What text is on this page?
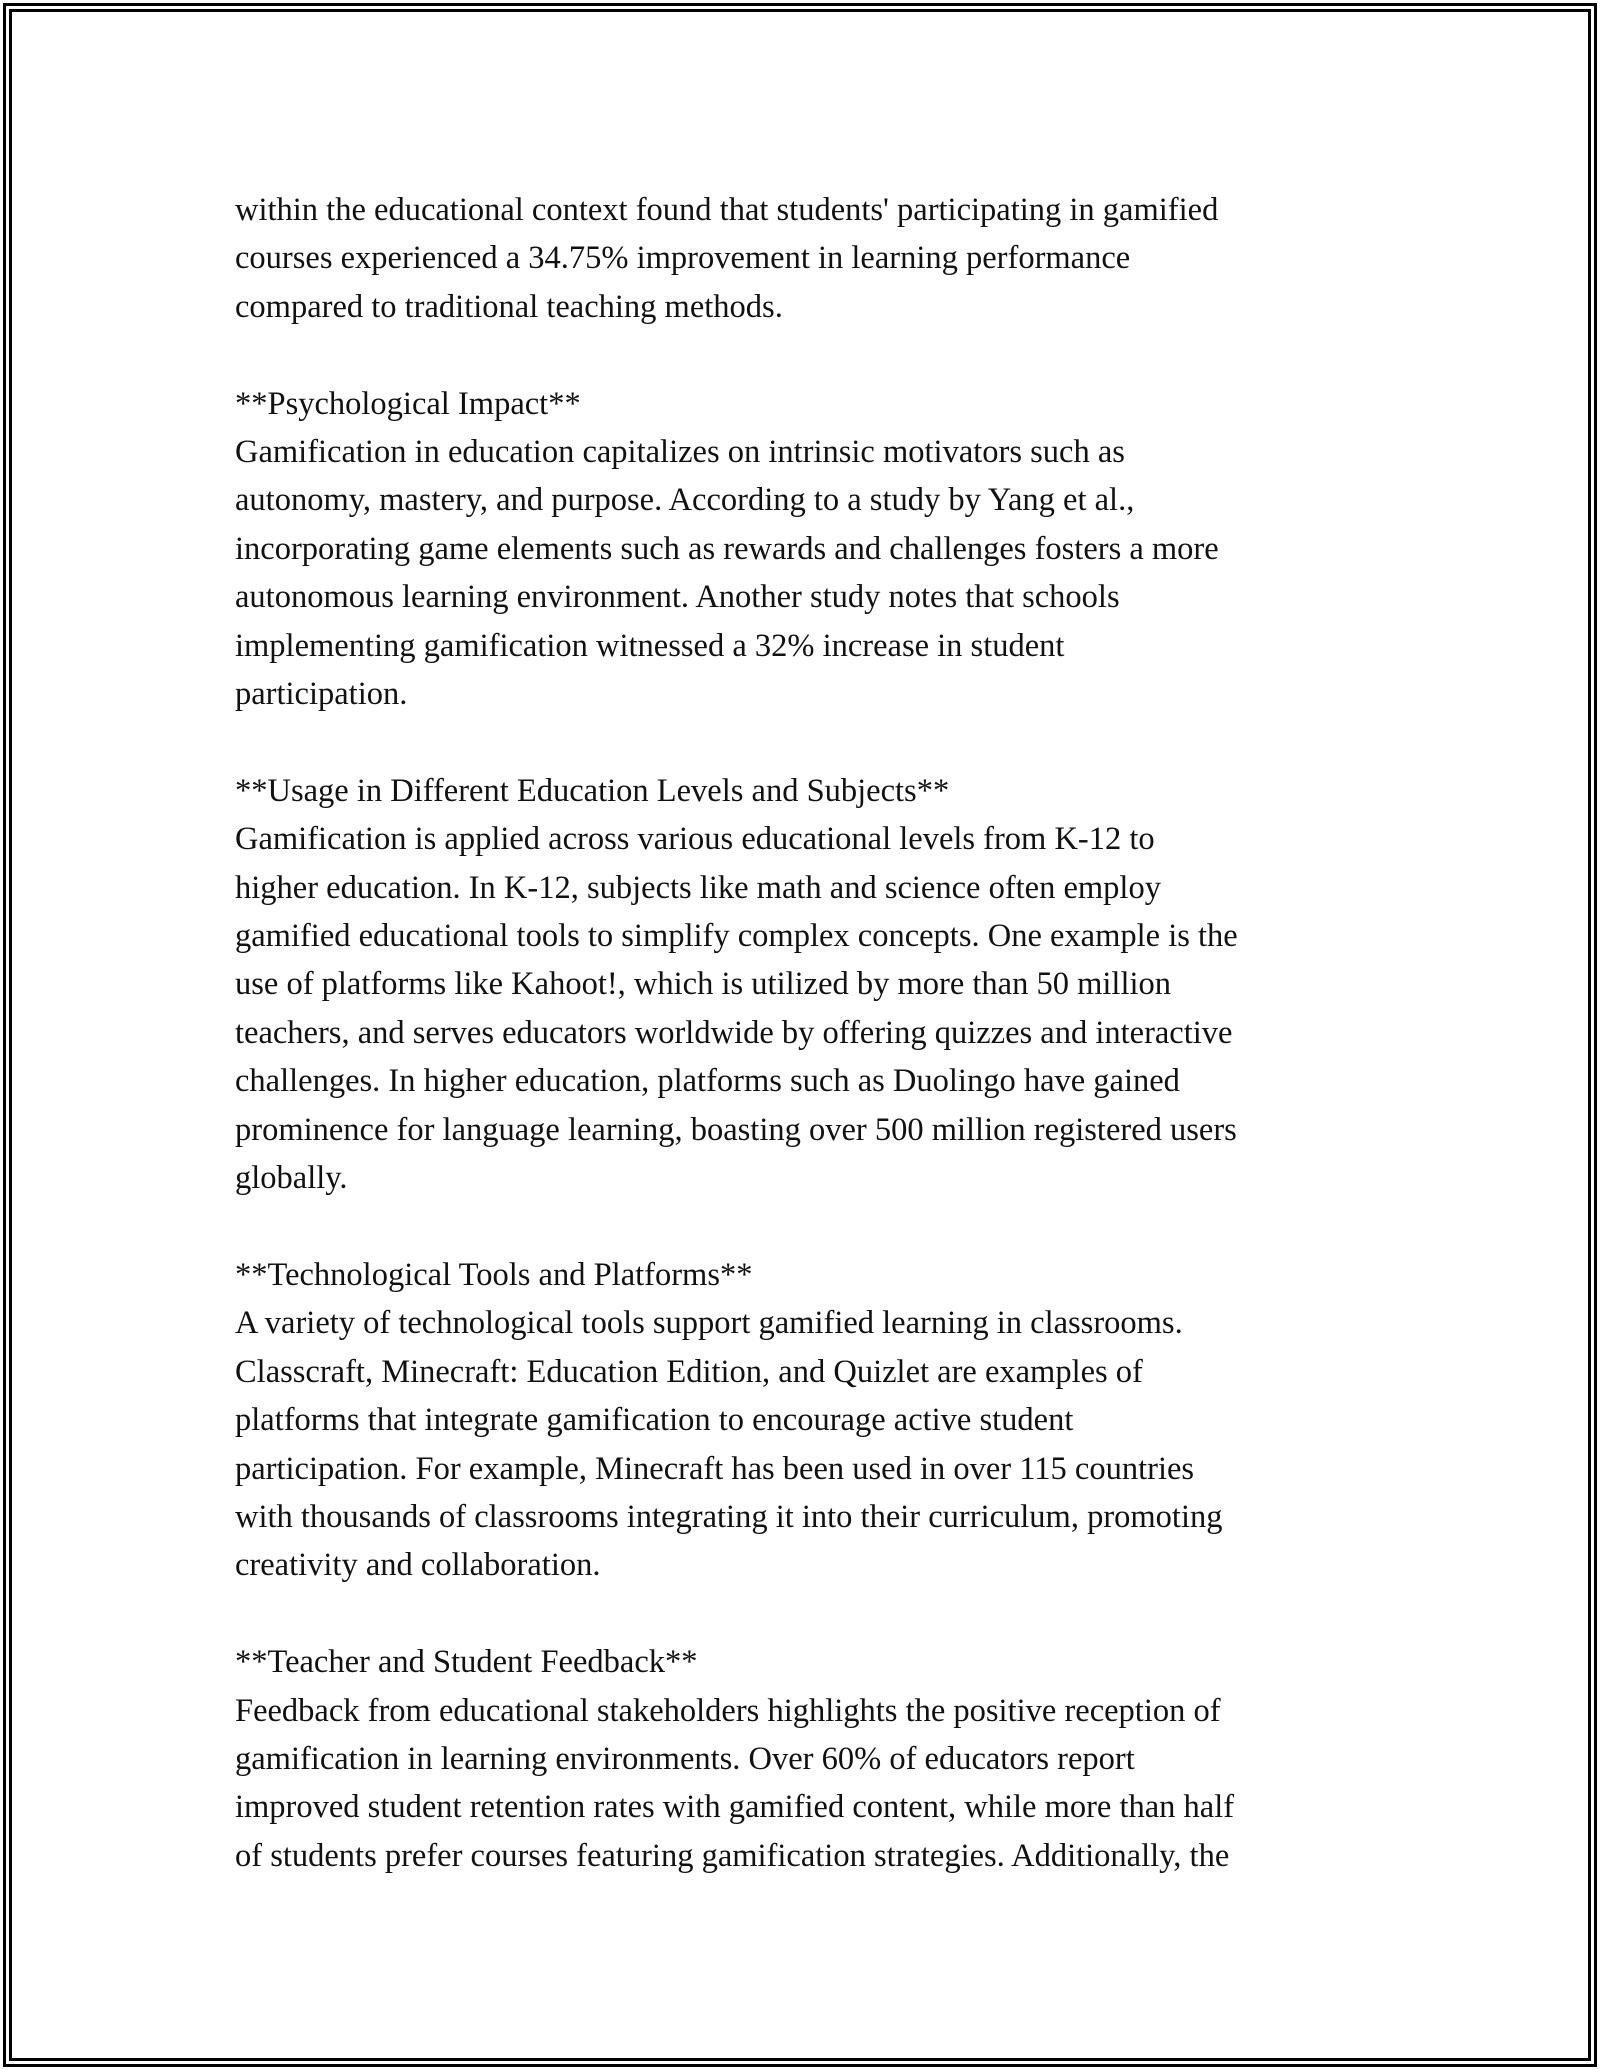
within the educational context found that students' participating in gamified
courses experienced a 34.75% improvement in learning performance
compared to traditional teaching methods.
**Psychological Impact**
Gamification in education capitalizes on intrinsic motivators such as
autonomy, mastery, and purpose. According to a study by Yang et al.,
incorporating game elements such as rewards and challenges fosters a more
autonomous learning environment. Another study notes that schools
implementing gamification witnessed a 32% increase in student
participation.
**Usage in Different Education Levels and Subjects**
Gamification is applied across various educational levels from K-12 to
higher education. In K-12, subjects like math and science often employ
gamified educational tools to simplify complex concepts. One example is the
use of platforms like Kahoot!, which is utilized by more than 50 million
teachers, and serves educators worldwide by offering quizzes and interactive
challenges. In higher education, platforms such as Duolingo have gained
prominence for language learning, boasting over 500 million registered users
globally.
**Technological Tools and Platforms**
A variety of technological tools support gamified learning in classrooms.
Classcraft, Minecraft: Education Edition, and Quizlet are examples of
platforms that integrate gamification to encourage active student
participation. For example, Minecraft has been used in over 115 countries
with thousands of classrooms integrating it into their curriculum, promoting
creativity and collaboration.
**Teacher and Student Feedback**
Feedback from educational stakeholders highlights the positive reception of
gamification in learning environments. Over 60% of educators report
improved student retention rates with gamified content, while more than half
of students prefer courses featuring gamification strategies. Additionally, the
